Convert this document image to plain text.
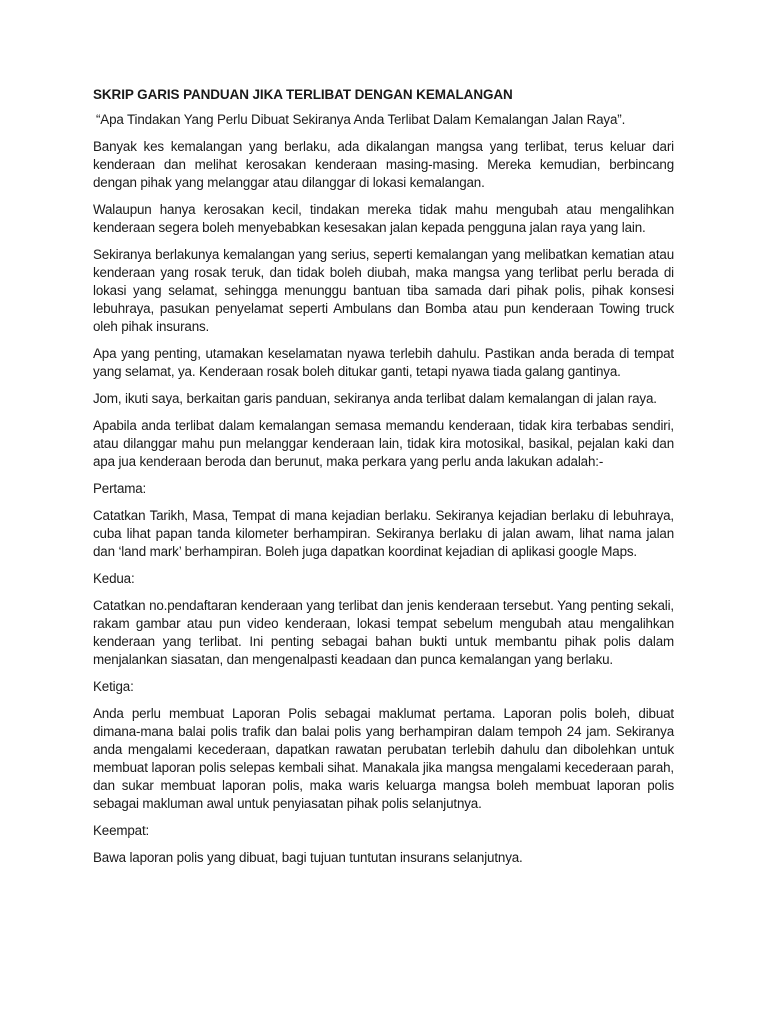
SKRIP GARIS PANDUAN JIKA TERLIBAT DENGAN KEMALANGAN

“Apa Tindakan Yang Perlu Dibuat Sekiranya Anda Terlibat Dalam Kemalangan Jalan Raya”.

Banyak kes kemalangan yang berlaku, ada dikalangan mangsa yang terlibat, terus keluar dari kenderaan dan melihat kerosakan kenderaan masing-masing. Mereka kemudian, berbincang dengan pihak yang melanggar atau dilanggar di lokasi kemalangan.

Walaupun hanya kerosakan kecil, tindakan mereka tidak mahu mengubah atau mengalihkan kenderaan segera boleh menyebabkan kesesakan jalan kepada pengguna jalan raya yang lain.

Sekiranya berlakunya kemalangan yang serius, seperti kemalangan yang melibatkan kematian atau kenderaan yang rosak teruk, dan tidak boleh diubah, maka mangsa yang terlibat perlu berada di lokasi yang selamat, sehingga menunggu bantuan tiba samada dari pihak polis, pihak konsesi lebuhraya, pasukan penyelamat seperti Ambulans dan Bomba atau pun kenderaan Towing truck oleh pihak insurans.

Apa yang penting, utamakan keselamatan nyawa terlebih dahulu. Pastikan anda berada di tempat yang selamat, ya. Kenderaan rosak boleh ditukar ganti, tetapi nyawa tiada galang gantinya.

Jom, ikuti saya, berkaitan garis panduan, sekiranya anda terlibat dalam kemalangan di jalan raya.

Apabila anda terlibat dalam kemalangan semasa memandu kenderaan, tidak kira terbabas sendiri, atau dilanggar mahu pun melanggar kenderaan lain, tidak kira motosikal, basikal, pejalan kaki dan apa jua kenderaan beroda dan berunut, maka perkara yang perlu anda lakukan adalah:-

Pertama:

Catatkan Tarikh, Masa, Tempat di mana kejadian berlaku. Sekiranya kejadian berlaku di lebuhraya, cuba lihat papan tanda kilometer berhampiran. Sekiranya berlaku di jalan awam, lihat nama jalan dan ‘land mark’ berhampiran. Boleh juga dapatkan koordinat kejadian di aplikasi google Maps.

Kedua:

Catatkan no.pendaftaran kenderaan yang terlibat dan jenis kenderaan tersebut. Yang penting sekali, rakam gambar atau pun video kenderaan, lokasi tempat sebelum mengubah atau mengalihkan kenderaan yang terlibat. Ini penting sebagai bahan bukti untuk membantu pihak polis dalam menjalankan siasatan, dan mengenalpasti keadaan dan punca kemalangan yang berlaku.

Ketiga:

Anda perlu membuat Laporan Polis sebagai maklumat pertama. Laporan polis boleh, dibuat dimana-mana balai polis trafik dan balai polis yang berhampiran dalam tempoh 24 jam. Sekiranya anda mengalami kecederaan, dapatkan rawatan perubatan terlebih dahulu dan dibolehkan untuk membuat laporan polis selepas kembali sihat. Manakala jika mangsa mengalami kecederaan parah, dan sukar membuat laporan polis, maka waris keluarga mangsa boleh membuat laporan polis sebagai makluman awal untuk penyiasatan pihak polis selanjutnya.

Keempat:

Bawa laporan polis yang dibuat, bagi tujuan tuntutan insurans selanjutnya.
